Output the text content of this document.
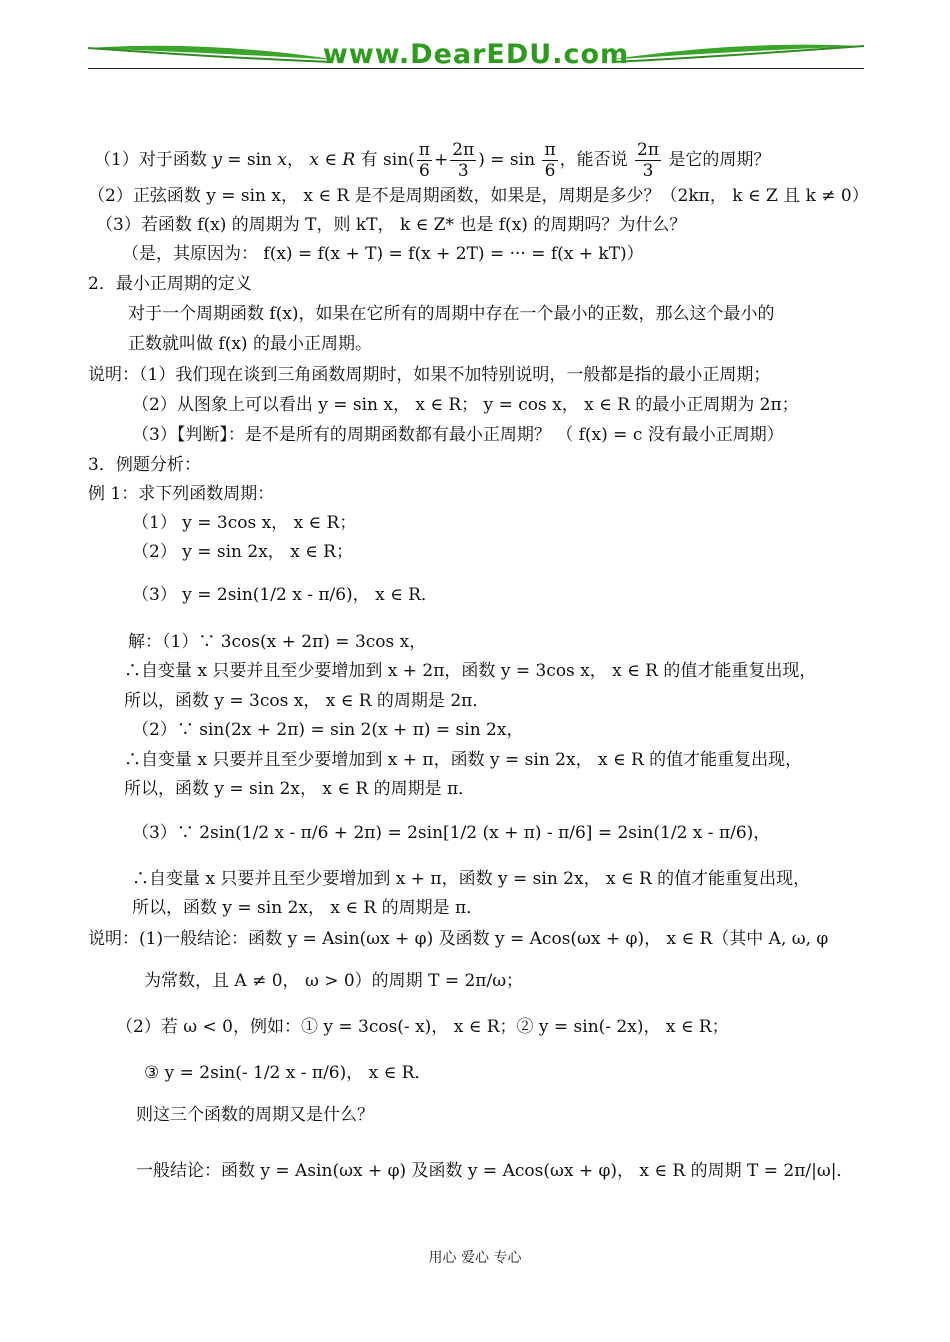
www.DearEDU.com
（1）对于函数 y = sin x， x ∈ R 有 $\sin( \frac{\pi}{6} + \frac{2\pi}{3}$ ) = $\sin \frac{\pi}{6}$ ，能否说 $\frac{2\pi}{3}$ 是它的周期？
（2）正弦函数 y = sin x， x ∈ R 是不是周期函数，如果是，周期是多少？（2kπ， k ∈ Z 且 k ≠ 0）
（3）若函数 f(x) 的周期为 T，则 kT， k ∈ Z* 也是 f(x) 的周期吗？为什么？
（是，其原因为： f(x) = f(x + T) = f(x + 2T) = ··· = f(x + kT)）
2．最小正周期的定义
对于一个周期函数 f(x)，如果在它所有的周期中存在一个最小的正数，那么这个最小的
正数就叫做 f(x) 的最小正周期。
说明：（1）我们现在谈到三角函数周期时，如果不加特别说明，一般都是指的最小正周期；
（2）从图象上可以看出 y = sin x， x ∈ R； y = cos x， x ∈ R 的最小正周期为 2π；
（3）【判断】：是不是所有的周期函数都有最小正周期？ （ f(x) = c 没有最小正周期）
3．例题分析：
例 1：求下列函数周期：
（1） y = 3cos x， x ∈ R；
（2） y = sin 2x， x ∈ R；
（3） y = 2sin(1/2 x - π/6)， x ∈ R．
解：（1）∵ 3cos(x + 2π) = 3cos x，
∴自变量 x 只要并且至少要增加到 x + 2π，函数 y = 3cos x， x ∈ R 的值才能重复出现，
所以，函数 y = 3cos x， x ∈ R 的周期是 2π．
（2）∵ sin(2x + 2π) = sin 2(x + π) = sin 2x，
∴自变量 x 只要并且至少要增加到 x + π，函数 y = sin 2x， x ∈ R 的值才能重复出现，
所以，函数 y = sin 2x， x ∈ R 的周期是 π．
（3）∵ 2sin(1/2 x - π/6 + 2π) = 2sin[1/2 (x + π) - π/6] = 2sin(1/2 x - π/6)，
∴自变量 x 只要并且至少要增加到 x + π，函数 y = sin 2x， x ∈ R 的值才能重复出现，
所以，函数 y = sin 2x， x ∈ R 的周期是 π．
说明：(1)一般结论：函数 y = Asin(ωx + φ) 及函数 y = Acos(ωx + φ)， x ∈ R（其中 A, ω, φ
为常数，且 A ≠ 0， ω > 0）的周期 T = 2π/ω；
（2）若 ω < 0，例如：① y = 3cos(- x)， x ∈ R；② y = sin(- 2x)， x ∈ R；
③ y = 2sin(- 1/2 x - π/6)， x ∈ R．
则这三个函数的周期又是什么？
一般结论：函数 y = Asin(ωx + φ) 及函数 y = Acos(ωx + φ)， x ∈ R 的周期 T = 2π/|ω|．
用心 爱心 专心
